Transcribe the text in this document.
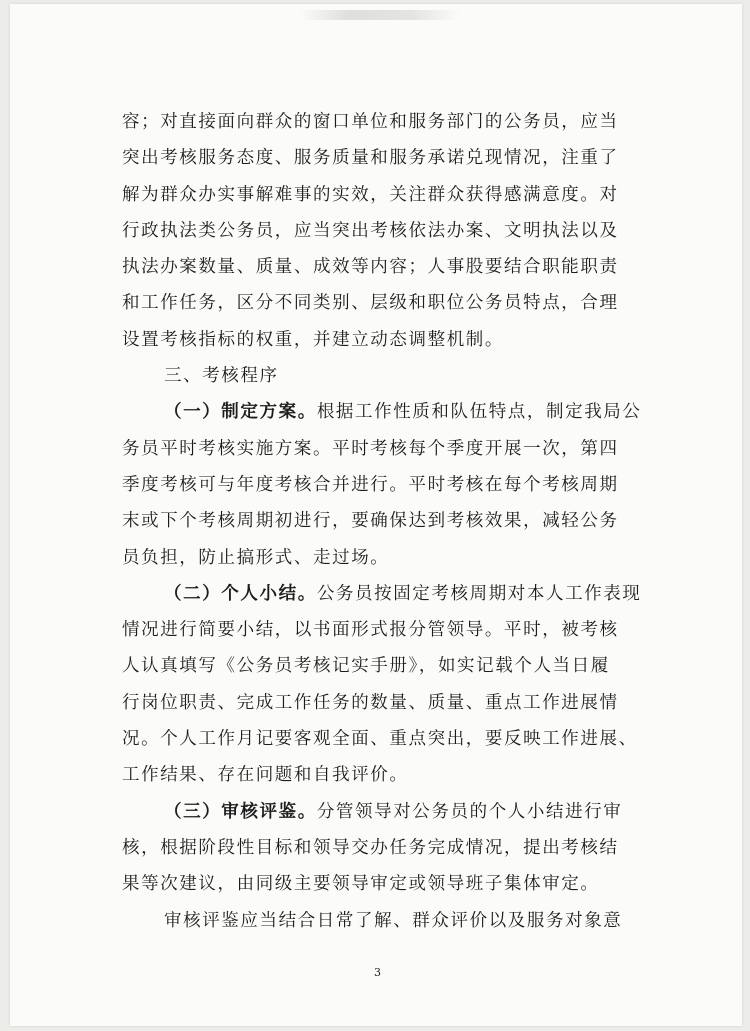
容；对直接面向群众的窗口单位和服务部门的公务员，应当
突出考核服务态度、服务质量和服务承诺兑现情况，注重了
解为群众办实事解难事的实效，关注群众获得感满意度。对
行政执法类公务员，应当突出考核依法办案、文明执法以及
执法办案数量、质量、成效等内容；人事股要结合职能职责
和工作任务，区分不同类别、层级和职位公务员特点，合理
设置考核指标的权重，并建立动态调整机制。
三、考核程序
（一）制定方案。根据工作性质和队伍特点，制定我局公
务员平时考核实施方案。平时考核每个季度开展一次，第四
季度考核可与年度考核合并进行。平时考核在每个考核周期
末或下个考核周期初进行，要确保达到考核效果，减轻公务
员负担，防止搞形式、走过场。
（二）个人小结。公务员按固定考核周期对本人工作表现
情况进行简要小结，以书面形式报分管领导。平时，被考核
人认真填写《公务员考核记实手册》，如实记载个人当日履
行岗位职责、完成工作任务的数量、质量、重点工作进展情
况。个人工作月记要客观全面、重点突出，要反映工作进展、
工作结果、存在问题和自我评价。
（三）审核评鉴。分管领导对公务员的个人小结进行审
核，根据阶段性目标和领导交办任务完成情况，提出考核结
果等次建议，由同级主要领导审定或领导班子集体审定。
审核评鉴应当结合日常了解、群众评价以及服务对象意
3
